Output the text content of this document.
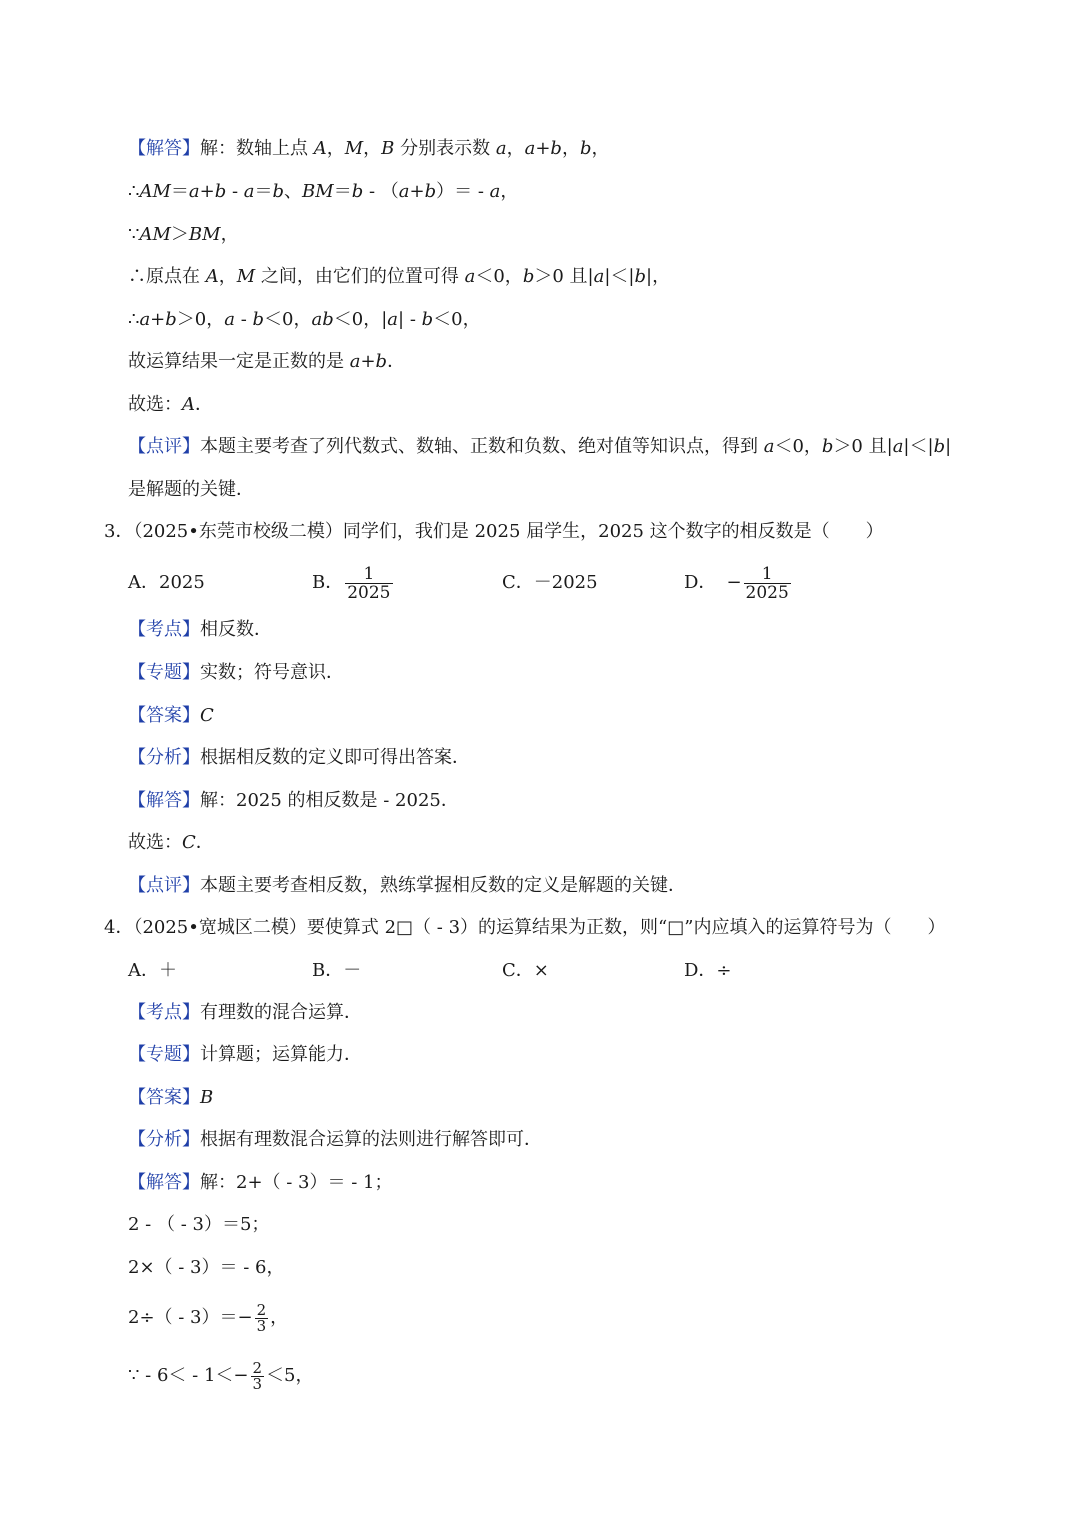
【解答】解：数轴上点 A，M，B 分别表示数 a，a+b，b，
∴AM＝a+b - a＝b、BM＝b - （a+b）＝ - a，
∵AM＞BM，
∴原点在 A，M 之间，由它们的位置可得 a＜0，b＞0 且|a|＜|b|，
∴a+b＞0，a - b＜0，ab＜0，|a| - b＜0，
故运算结果一定是正数的是 a+b．
故选：A．
【点评】本题主要考查了列代数式、数轴、正数和负数、绝对值等知识点，得到 a＜0，b＞0 且|a|＜|b|
是解题的关键．
3．（2025•东莞市校级二模）同学们，我们是 2025 届学生，2025 这个数字的相反数是（　　）
A．2025	B． $\frac{1}{2025}$	C．－2025	D． − $\frac{1}{2025}$
【考点】相反数．
【专题】实数；符号意识．
【答案】C
【分析】根据相反数的定义即可得出答案．
【解答】解：2025 的相反数是 - 2025．
故选：C．
【点评】本题主要考查相反数，熟练掌握相反数的定义是解题的关键．
4．（2025•宽城区二模）要使算式 2□（ - 3）的运算结果为正数，则“□”内应填入的运算符号为（　　）
A．＋	B．－	C．×	D．÷
【考点】有理数的混合运算．
【专题】计算题；运算能力．
【答案】B
【分析】根据有理数混合运算的法则进行解答即可．
【解答】解：2+（ - 3）＝ - 1；
2 - （ - 3）＝5；
2×（ - 3）＝ - 6，
$2\div( - 3)=- \frac{2}{3}$ ，
∵ - $6< - 1<- \frac{2}{3} <5$，
